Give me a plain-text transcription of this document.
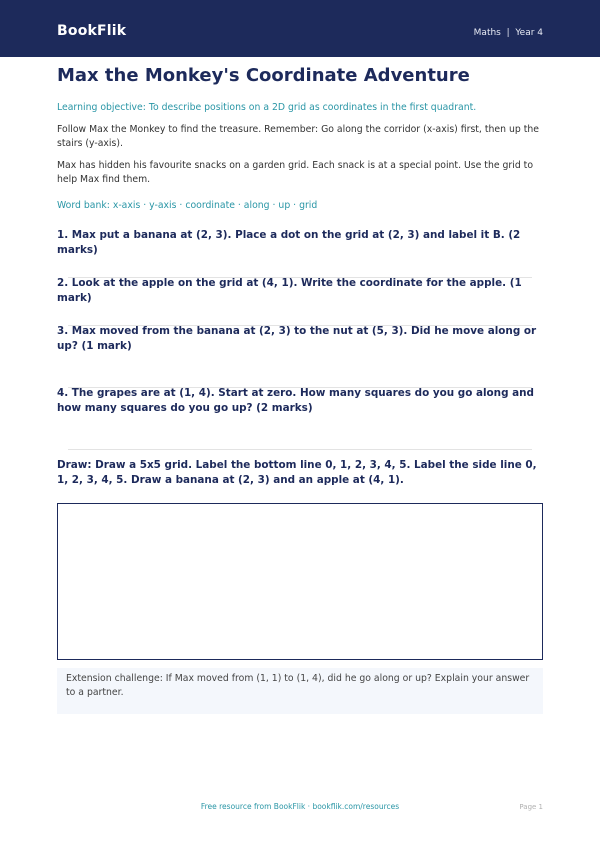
BookFlik	Maths  |  Year 4
Max the Monkey's Coordinate Adventure
Learning objective: To describe positions on a 2D grid as coordinates in the first quadrant.
Follow Max the Monkey to find the treasure. Remember: Go along the corridor (x-axis) first, then up the stairs (y-axis).
Max has hidden his favourite snacks on a garden grid. Each snack is at a special point. Use the grid to help Max find them.
Word bank: x-axis · y-axis · coordinate · along · up · grid
1. Max put a banana at (2, 3). Place a dot on the grid at (2, 3) and label it B. (2 marks)
2. Look at the apple on the grid at (4, 1). Write the coordinate for the apple. (1 mark)
3. Max moved from the banana at (2, 3) to the nut at (5, 3). Did he move along or up? (1 mark)
4. The grapes are at (1, 4). Start at zero. How many squares do you go along and how many squares do you go up? (2 marks)
Draw: Draw a 5x5 grid. Label the bottom line 0, 1, 2, 3, 4, 5. Label the side line 0, 1, 2, 3, 4, 5. Draw a banana at (2, 3) and an apple at (4, 1).
Extension challenge: If Max moved from (1, 1) to (1, 4), did he go along or up? Explain your answer to a partner.
Free resource from BookFlik · bookflik.com/resources	Page 1
